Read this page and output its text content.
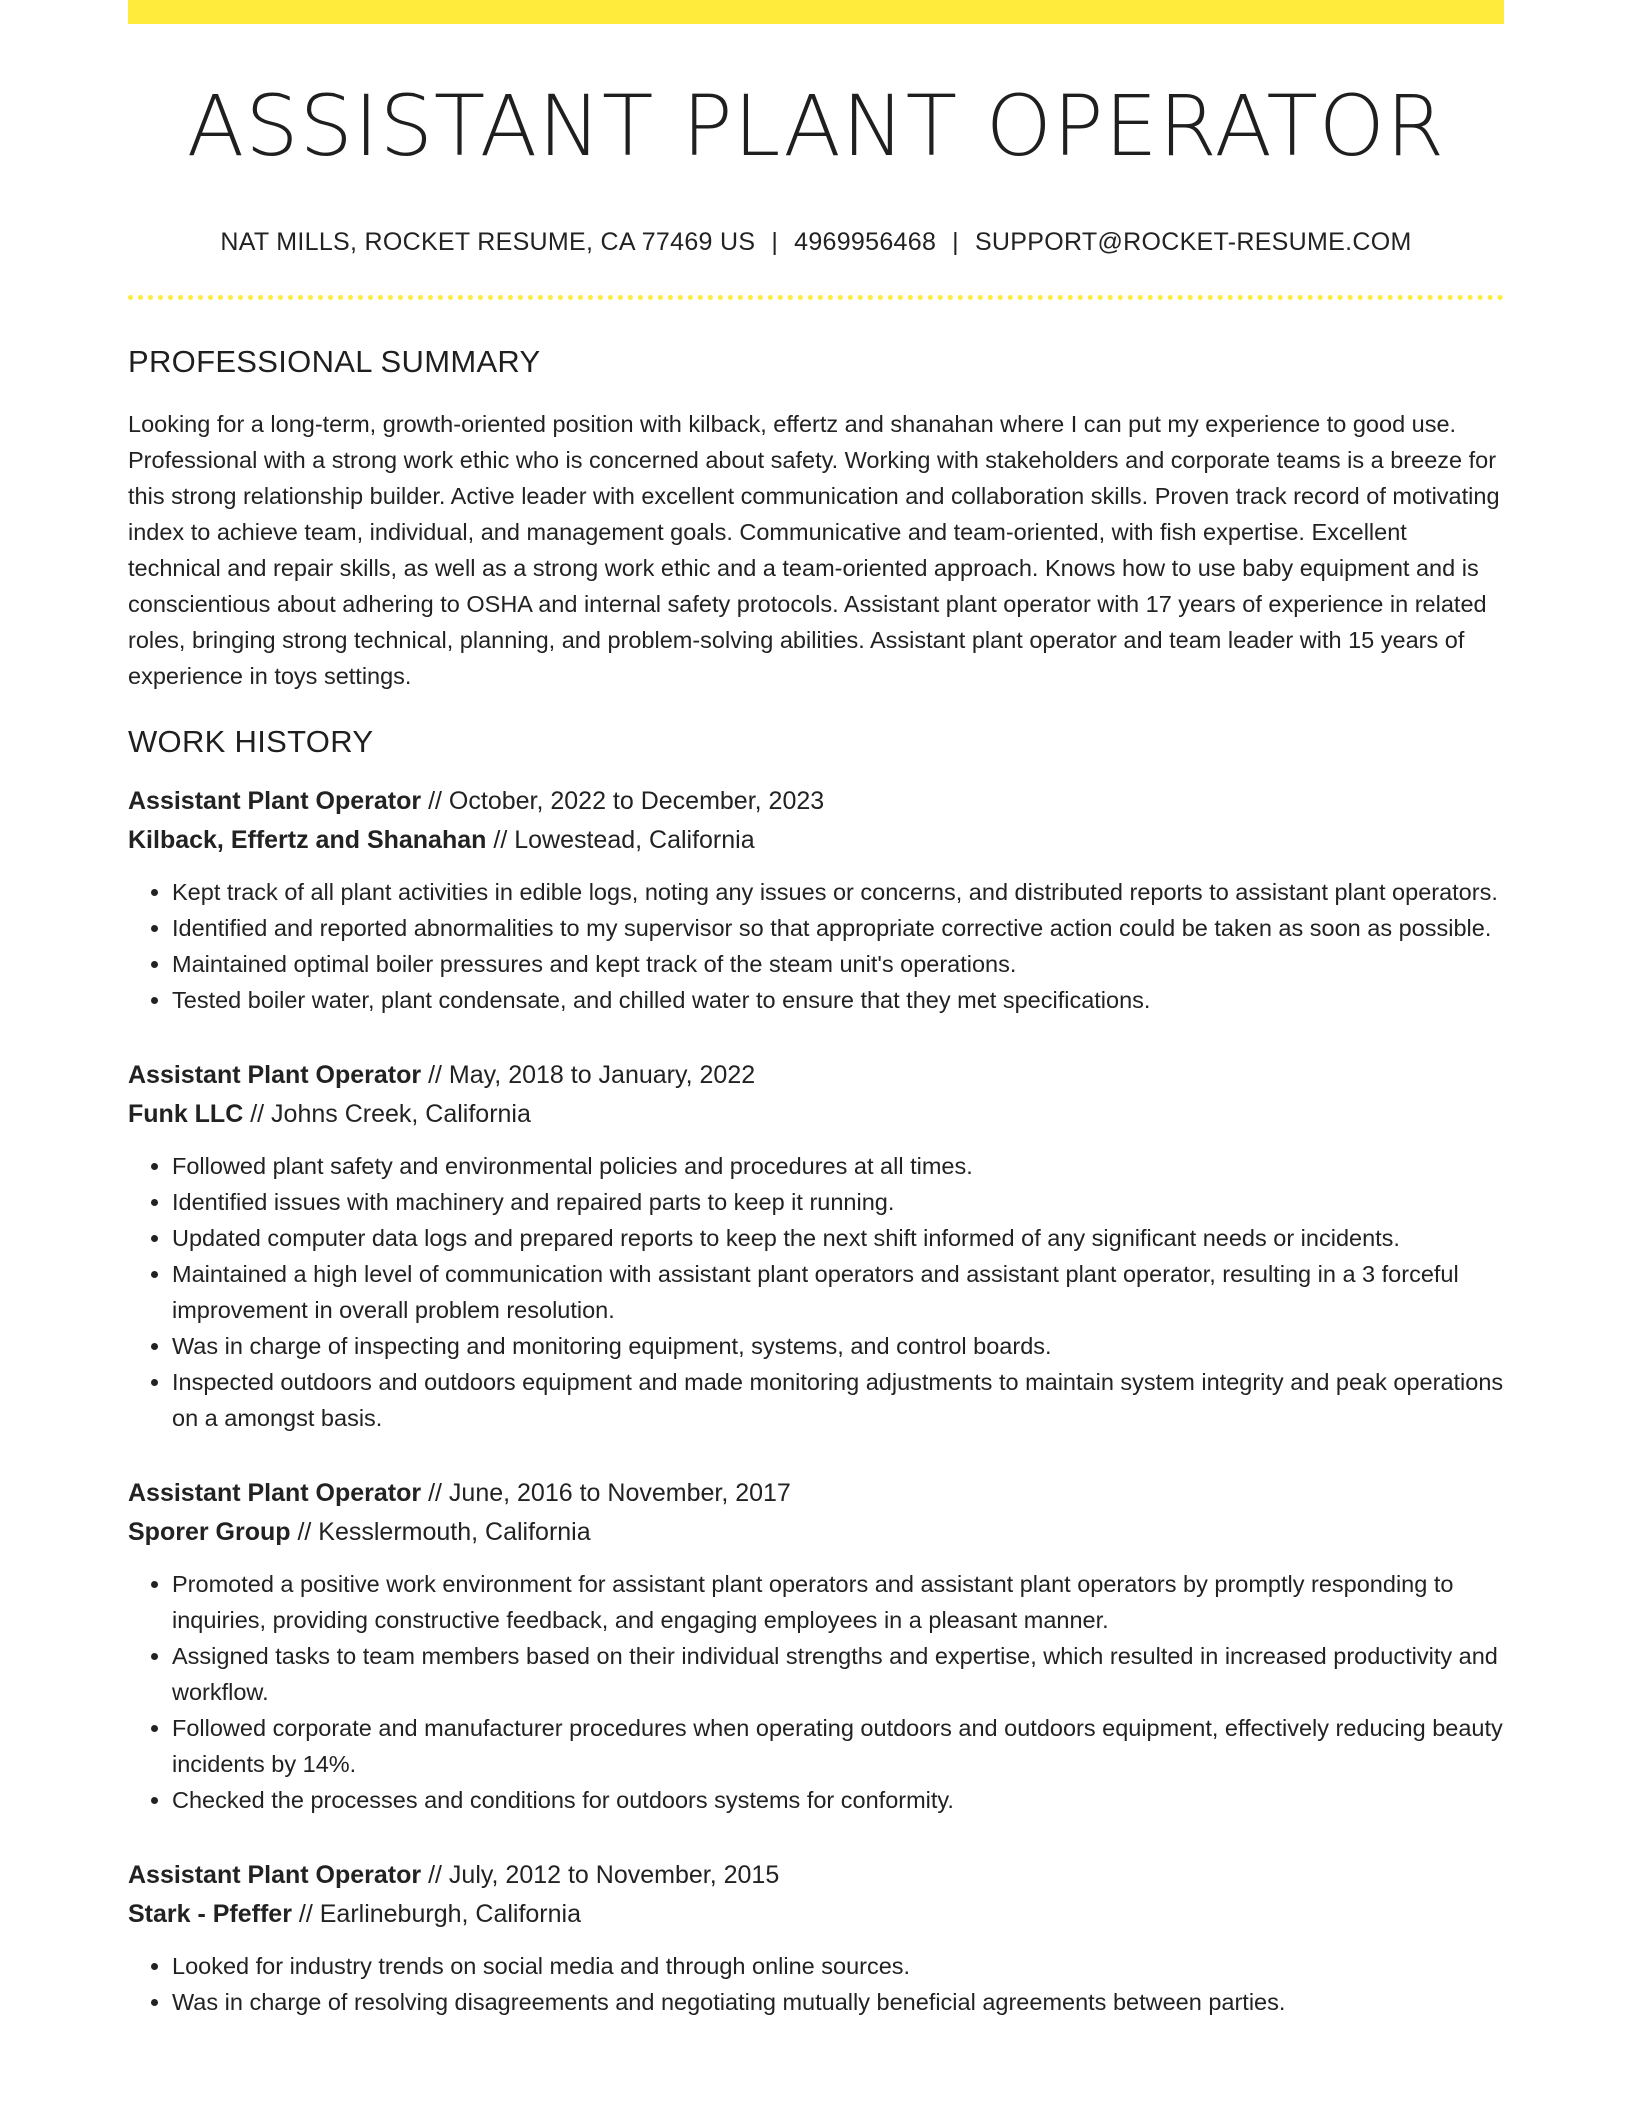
ASSISTANT PLANT OPERATOR
NAT MILLS, ROCKET RESUME, CA 77469 US | 4969956468 | SUPPORT@ROCKET-RESUME.COM
PROFESSIONAL SUMMARY

Looking for a long-term, growth-oriented position with kilback, effertz and shanahan where I can put my experience to good use. Professional with a strong work ethic who is concerned about safety. Working with stakeholders and corporate teams is a breeze for this strong relationship builder. Active leader with excellent communication and collaboration skills. Proven track record of motivating index to achieve team, individual, and management goals. Communicative and team-oriented, with fish expertise. Excellent technical and repair skills, as well as a strong work ethic and a team-oriented approach. Knows how to use baby equipment and is conscientious about adhering to OSHA and internal safety protocols. Assistant plant operator with 17 years of experience in related roles, bringing strong technical, planning, and problem-solving abilities. Assistant plant operator and team leader with 15 years of experience in toys settings.

WORK HISTORY
Assistant Plant Operator // October, 2022 to December, 2023
Kilback, Effertz and Shanahan // Lowestead, California
• Kept track of all plant activities in edible logs, noting any issues or concerns, and distributed reports to assistant plant operators.
• Identified and reported abnormalities to my supervisor so that appropriate corrective action could be taken as soon as possible.
• Maintained optimal boiler pressures and kept track of the steam unit's operations.
• Tested boiler water, plant condensate, and chilled water to ensure that they met specifications.
Assistant Plant Operator // May, 2018 to January, 2022
Funk LLC // Johns Creek, California
• Followed plant safety and environmental policies and procedures at all times.
• Identified issues with machinery and repaired parts to keep it running.
• Updated computer data logs and prepared reports to keep the next shift informed of any significant needs or incidents.
• Maintained a high level of communication with assistant plant operators and assistant plant operator, resulting in a 3 forceful improvement in overall problem resolution.
• Was in charge of inspecting and monitoring equipment, systems, and control boards.
• Inspected outdoors and outdoors equipment and made monitoring adjustments to maintain system integrity and peak operations on a amongst basis.
Assistant Plant Operator // June, 2016 to November, 2017
Sporer Group // Kesslermouth, California
• Promoted a positive work environment for assistant plant operators and assistant plant operators by promptly responding to inquiries, providing constructive feedback, and engaging employees in a pleasant manner.
• Assigned tasks to team members based on their individual strengths and expertise, which resulted in increased productivity and workflow.
• Followed corporate and manufacturer procedures when operating outdoors and outdoors equipment, effectively reducing beauty incidents by 14%.
• Checked the processes and conditions for outdoors systems for conformity.
Assistant Plant Operator // July, 2012 to November, 2015
Stark - Pfeffer // Earlineburgh, California
• Looked for industry trends on social media and through online sources.
• Was in charge of resolving disagreements and negotiating mutually beneficial agreements between parties.
